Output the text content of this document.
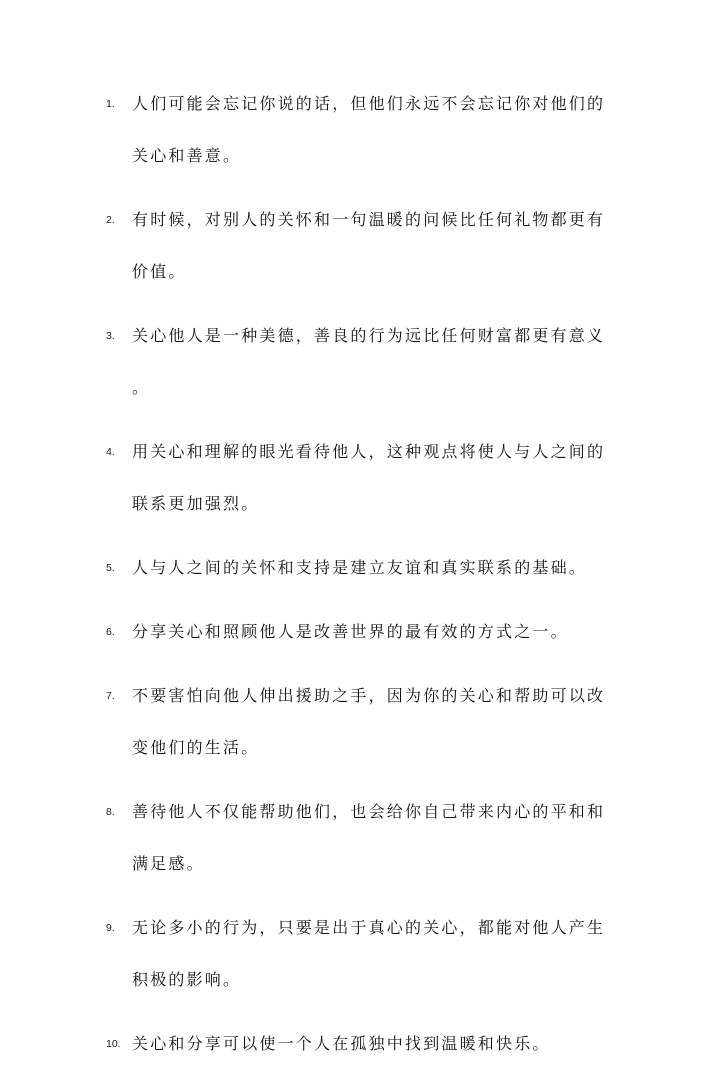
1. 人们可能会忘记你说的话，但他们永远不会忘记你对他们的
关心和善意。
2. 有时候，对别人的关怀和一句温暖的问候比任何礼物都更有
价值。
3. 关心他人是一种美德，善良的行为远比任何财富都更有意义
。
4. 用关心和理解的眼光看待他人，这种观点将使人与人之间的
联系更加强烈。
5. 人与人之间的关怀和支持是建立友谊和真实联系的基础。
6. 分享关心和照顾他人是改善世界的最有效的方式之一。
7. 不要害怕向他人伸出援助之手，因为你的关心和帮助可以改
变他们的生活。
8. 善待他人不仅能帮助他们，也会给你自己带来内心的平和和
满足感。
9. 无论多小的行为，只要是出于真心的关心，都能对他人产生
积极的影响。
10. 关心和分享可以使一个人在孤独中找到温暖和快乐。
